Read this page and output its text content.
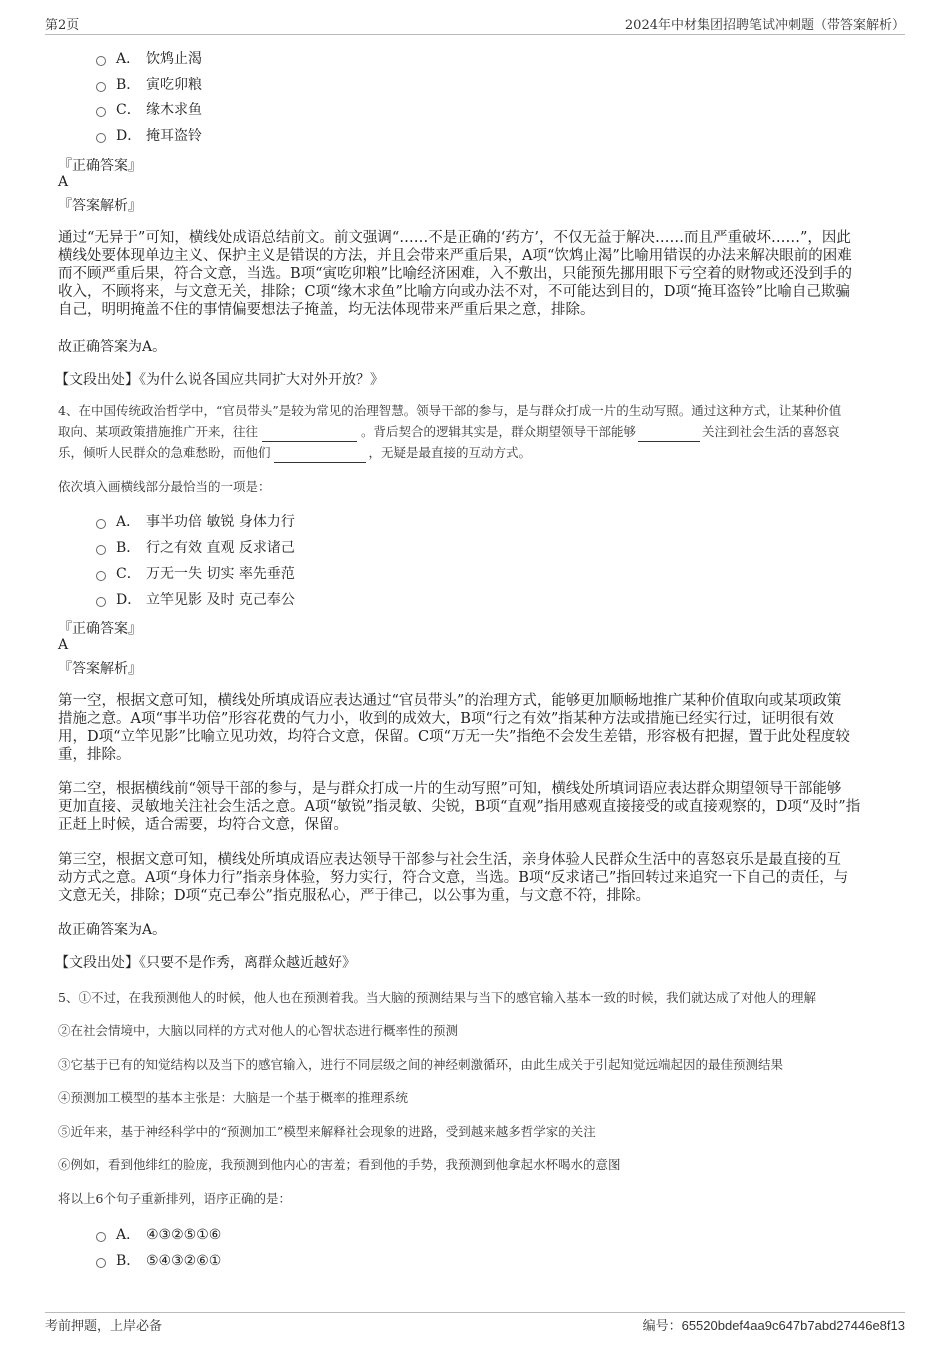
第2页	2024年中材集团招聘笔试冲刺题（带答案解析）
A． 饮鸩止渴
B． 寅吃卯粮
C． 缘木求鱼
D． 掩耳盗铃
『正确答案』
A
『答案解析』
通过“无异于”可知，横线处成语总结前文。前文强调“……不是正确的‘药方’，不仅无益于解决……而且严重破坏……”，因此
横线处要体现单边主义、保护主义是错误的方法，并且会带来严重后果，A项“饮鸩止渴”比喻用错误的办法来解决眼前的困难
而不顾严重后果，符合文意，当选。B项“寅吃卯粮”比喻经济困难，入不敷出，只能预先挪用眼下亏空着的财物或还没到手的
收入，不顾将来，与文意无关，排除；C项“缘木求鱼”比喻方向或办法不对，不可能达到目的，D项“掩耳盗铃”比喻自己欺骗
自己，明明掩盖不住的事情偏要想法子掩盖，均无法体现带来严重后果之意，排除。
故正确答案为A。
【文段出处】《为什么说各国应共同扩大对外开放？》
4、在中国传统政治哲学中，“官员带头”是较为常见的治理智慧。领导干部的参与，是与群众打成一片的生动写照。通过这种方式，让某种价值
取向、某项政策措施推广开来，往往	。背后契合的逻辑其实是，群众期望领导干部能够	关注到社会生活的喜怒哀
乐，倾听人民群众的急难愁盼，而他们	，无疑是最直接的互动方式。
依次填入画横线部分最恰当的一项是：
A． 事半功倍 敏锐 身体力行
B． 行之有效 直观 反求诸己
C． 万无一失 切实 率先垂范
D． 立竿见影 及时 克己奉公
『正确答案』
A
『答案解析』
第一空，根据文意可知，横线处所填成语应表达通过“官员带头”的治理方式，能够更加顺畅地推广某种价值取向或某项政策
措施之意。A项“事半功倍”形容花费的气力小，收到的成效大，B项“行之有效”指某种方法或措施已经实行过，证明很有效
用，D项“立竿见影”比喻立见功效，均符合文意，保留。C项“万无一失”指绝不会发生差错，形容极有把握，置于此处程度较
重，排除。
第二空，根据横线前“领导干部的参与，是与群众打成一片的生动写照”可知，横线处所填词语应表达群众期望领导干部能够
更加直接、灵敏地关注社会生活之意。A项“敏锐”指灵敏、尖锐，B项“直观”指用感观直接接受的或直接观察的，D项“及时”指
正赶上时候，适合需要，均符合文意，保留。
第三空，根据文意可知，横线处所填成语应表达领导干部参与社会生活，亲身体验人民群众生活中的喜怒哀乐是最直接的互
动方式之意。A项“身体力行”指亲身体验，努力实行，符合文意，当选。B项“反求诸己”指回转过来追究一下自己的责任，与
文意无关，排除；D项“克己奉公”指克服私心，严于律己，以公事为重，与文意不符，排除。
故正确答案为A。
【文段出处】《只要不是作秀，离群众越近越好》
5、①不过，在我预测他人的时候，他人也在预测着我。当大脑的预测结果与当下的感官输入基本一致的时候，我们就达成了对他人的理解
②在社会情境中，大脑以同样的方式对他人的心智状态进行概率性的预测
③它基于已有的知觉结构以及当下的感官输入，进行不同层级之间的神经刺激循环，由此生成关于引起知觉远端起因的最佳预测结果
④预测加工模型的基本主张是：大脑是一个基于概率的推理系统
⑤近年来，基于神经科学中的“预测加工”模型来解释社会现象的进路，受到越来越多哲学家的关注
⑥例如，看到他绯红的脸庞，我预测到他内心的害羞；看到他的手势，我预测到他拿起水杯喝水的意图
将以上6个句子重新排列，语序正确的是：
A． ④③②⑤①⑥
B． ⑤④③②⑥①
考前押题，上岸必备	编号：65520bdef4aa9c647b7abd27446e8f13
